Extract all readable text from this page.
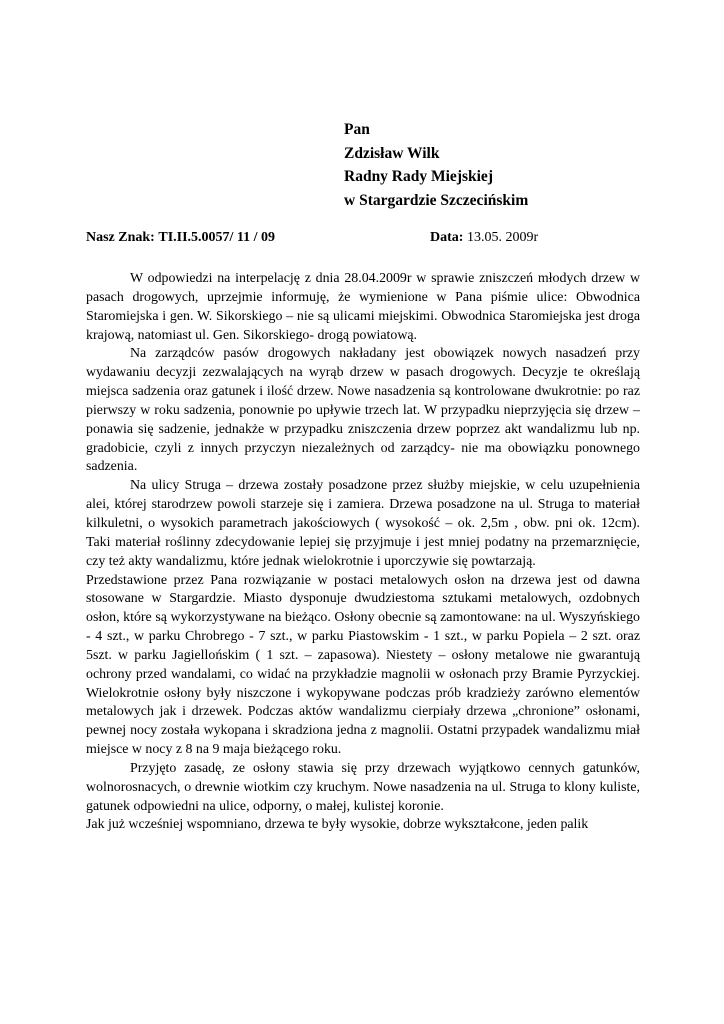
Pan
Zdzisław Wilk
Radny Rady Miejskiej
w Stargardzie Szczecińskim
Nasz Znak: TI.II.5.0057/ 11 / 09	Data: 13.05. 2009r

W odpowiedzi na interpelację z dnia 28.04.2009r w sprawie zniszczeń młodych drzew w pasach drogowych, uprzejmie informuję, że wymienione w Pana piśmie ulice: Obwodnica Staromiejska i gen. W. Sikorskiego – nie są ulicami miejskimi. Obwodnica Staromiejska jest droga krajową, natomiast ul. Gen. Sikorskiego- drogą powiatową.

Na zarządców pasów drogowych nakładany jest obowiązek nowych nasadzeń przy wydawaniu decyzji zezwalających na wyrąb drzew w pasach drogowych. Decyzje te określają miejsca sadzenia oraz gatunek i ilość drzew. Nowe nasadzenia są kontrolowane dwukrotnie: po raz pierwszy w roku sadzenia, ponownie po upływie trzech lat. W przypadku nieprzyjęcia się drzew – ponawia się sadzenie, jednakże w przypadku zniszczenia drzew poprzez akt wandalizmu lub np. gradobicie, czyli z innych przyczyn niezależnych od zarządcy- nie ma obowiązku ponownego sadzenia.

Na ulicy Struga – drzewa zostały posadzone przez służby miejskie, w celu uzupełnienia alei, której starodrzew powoli starzeje się i zamiera. Drzewa posadzone na ul. Struga to materiał kilkuletni, o wysokich parametrach jakościowych ( wysokość – ok. 2,5m , obw. pni ok. 12cm). Taki materiał roślinny zdecydowanie lepiej się przyjmuje i jest mniej podatny na przemarznięcie, czy też akty wandalizmu, które jednak wielokrotnie i uporczywie się powtarzają.

Przedstawione przez Pana rozwiązanie w postaci metalowych osłon na drzewa jest od dawna stosowane w Stargardzie. Miasto dysponuje dwudziestoma sztukami metalowych, ozdobnych osłon, które są wykorzystywane na bieżąco. Osłony obecnie są zamontowane: na ul. Wyszyńskiego - 4 szt., w parku Chrobrego - 7 szt., w parku Piastowskim - 1 szt., w parku Popiela – 2 szt. oraz 5szt. w parku Jagiellońskim ( 1 szt. – zapasowa). Niestety – osłony metalowe nie gwarantują ochrony przed wandalami, co widać na przykładzie magnolii w osłonach przy Bramie Pyrzyckiej. Wielokrotnie osłony były niszczone i wykopywane podczas prób kradzieży zarówno elementów metalowych jak i drzewek. Podczas aktów wandalizmu cierpiały drzewa „chronione” osłonami, pewnej nocy została wykopana i skradziona jedna z magnolii. Ostatni przypadek wandalizmu miał miejsce w nocy z 8 na 9 maja bieżącego roku.

Przyjęto zasadę, ze osłony stawia się przy drzewach wyjątkowo cennych gatunków, wolnorosnacych, o drewnie wiotkim czy kruchym. Nowe nasadzenia na ul. Struga to klony kuliste, gatunek odpowiedni na ulice, odporny, o małej, kulistej koronie.

Jak już wcześniej wspomniano, drzewa te były wysokie, dobrze wykształcone, jeden palik
